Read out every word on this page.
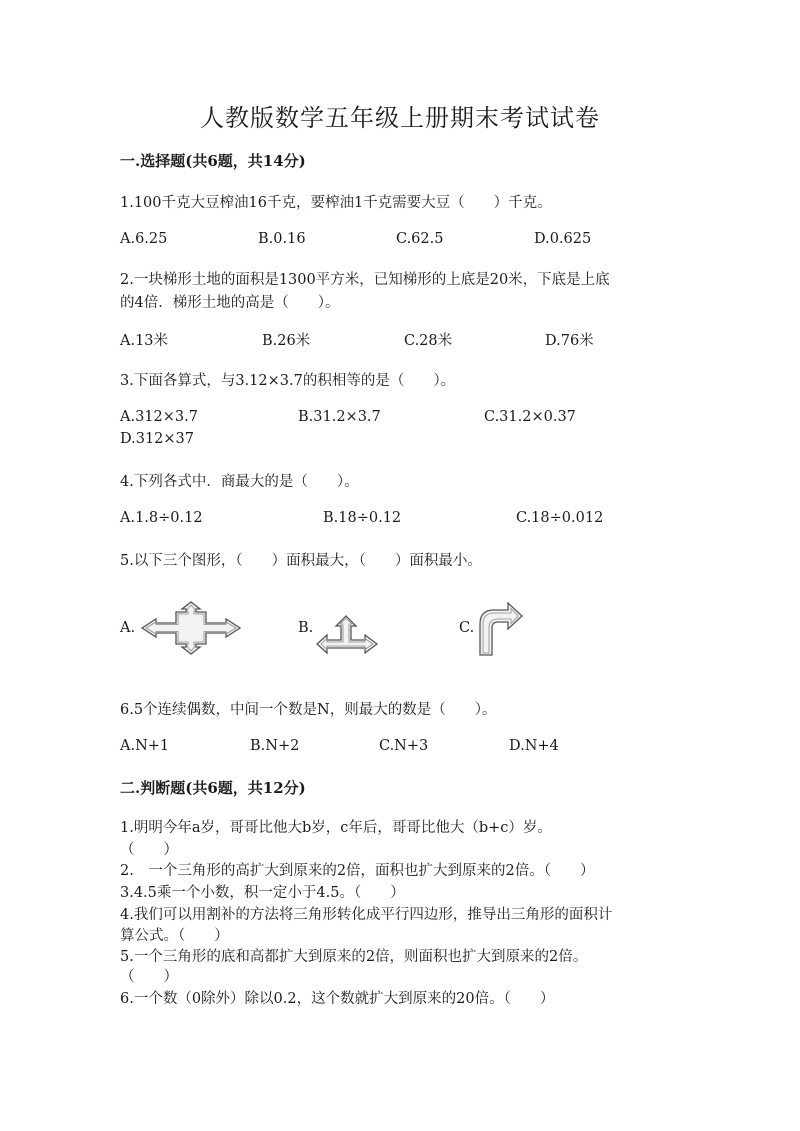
人教版数学五年级上册期末考试试卷
一.选择题(共6题，共14分)
1.100千克大豆榨油16千克，要榨油1千克需要大豆（　　）千克。
A.6.25	B.0.16	C.62.5	D.0.625
2.一块梯形土地的面积是1300平方米，已知梯形的上底是20米，下底是上底
的4倍．梯形土地的高是（　　）。
A.13米	B.26米	C.28米	D.76米
3.下面各算式，与3.12×3.7的积相等的是（　　）。
A.312×3.7	B.31.2×3.7	C.31.2×0.37
D.312×37
4.下列各式中．商最大的是（　　）。
A.1.8÷0.12	B.18÷0.12	C.18÷0.012
5.以下三个图形，（　　）面积最大，（　　）面积最小。
A.	B.	C.
6.5个连续偶数，中间一个数是N，则最大的数是（　　）。
A.N+1	B.N+2	C.N+3	D.N+4
二.判断题(共6题，共12分)
1.明明今年a岁，哥哥比他大b岁，c年后，哥哥比他大（b+c）岁。
（　　）
2.　一个三角形的高扩大到原来的2倍，面积也扩大到原来的2倍。（　　）
3.4.5乘一个小数，积一定小于4.5。（　　）
4.我们可以用割补的方法将三角形转化成平行四边形，推导出三角形的面积计
算公式。（　　）
5.一个三角形的底和高都扩大到原来的2倍，则面积也扩大到原来的2倍。
（　　）
6.一个数（0除外）除以0.2，这个数就扩大到原来的20倍。（　　）
